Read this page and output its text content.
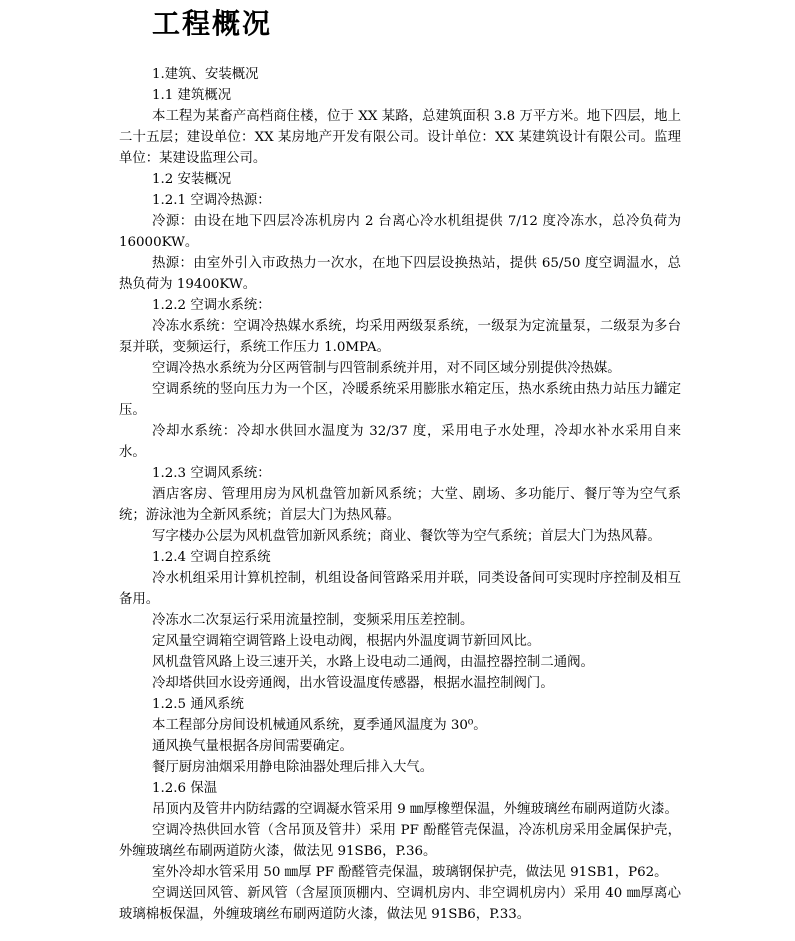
工程概况

1.建筑、安装概况

1.1 建筑概况

本工程为某畜产高档商住楼，位于 XX 某路，总建筑面积 3.8 万平方米。地下四层，地上二十五层；建设单位：XX 某房地产开发有限公司。设计单位：XX 某建筑设计有限公司。监理单位：某建设监理公司。

1.2 安装概况

1.2.1 空调冷热源：

冷源：由设在地下四层冷冻机房内 2 台离心冷水机组提供 7/12 度冷冻水，总冷负荷为 16000KW。

热源：由室外引入市政热力一次水，在地下四层设换热站，提供 65/50 度空调温水，总热负荷为 19400KW。

1.2.2 空调水系统：

冷冻水系统：空调冷热媒水系统，均采用两级泵系统，一级泵为定流量泵，二级泵为多台泵并联，变频运行，系统工作压力 1.0MPA。

空调冷热水系统为分区两管制与四管制系统并用，对不同区域分别提供冷热媒。

空调系统的竖向压力为一个区，冷暖系统采用膨胀水箱定压，热水系统由热力站压力罐定压。

冷却水系统：冷却水供回水温度为 32/37 度，采用电子水处理，冷却水补水采用自来水。

1.2.3 空调风系统：

酒店客房、管理用房为风机盘管加新风系统；大堂、剧场、多功能厅、餐厅等为空气系统；游泳池为全新风系统；首层大门为热风幕。

写字楼办公层为风机盘管加新风系统；商业、餐饮等为空气系统；首层大门为热风幕。

1.2.4 空调自控系统

冷水机组采用计算机控制，机组设备间管路采用并联，同类设备间可实现时序控制及相互备用。

冷冻水二次泵运行采用流量控制，变频采用压差控制。

定风量空调箱空调管路上设电动阀，根据内外温度调节新回风比。

风机盘管风路上设三速开关，水路上设电动二通阀，由温控器控制二通阀。

冷却塔供回水设旁通阀，出水管设温度传感器，根据水温控制阀门。

1.2.5 通风系统

本工程部分房间设机械通风系统，夏季通风温度为 30⁰。

通风换气量根据各房间需要确定。

餐厅厨房油烟采用静电除油器处理后排入大气。

1.2.6 保温

吊顶内及管井内防结露的空调凝水管采用 9 ㎜厚橡塑保温，外缠玻璃丝布刷两道防火漆。

空调冷热供回水管（含吊顶及管井）采用 PF 酚醛管壳保温，冷冻机房采用金属保护壳，外缠玻璃丝布刷两道防火漆，做法见 91SB6，P.36。

室外冷却水管采用 50 ㎜厚 PF 酚醛管壳保温，玻璃钢保护壳，做法见 91SB1，P62。

空调送回风管、新风管（含屋顶顶棚内、空调机房内、非空调机房内）采用 40 ㎜厚离心玻璃棉板保温，外缠玻璃丝布刷两道防火漆，做法见 91SB6，P.33。
